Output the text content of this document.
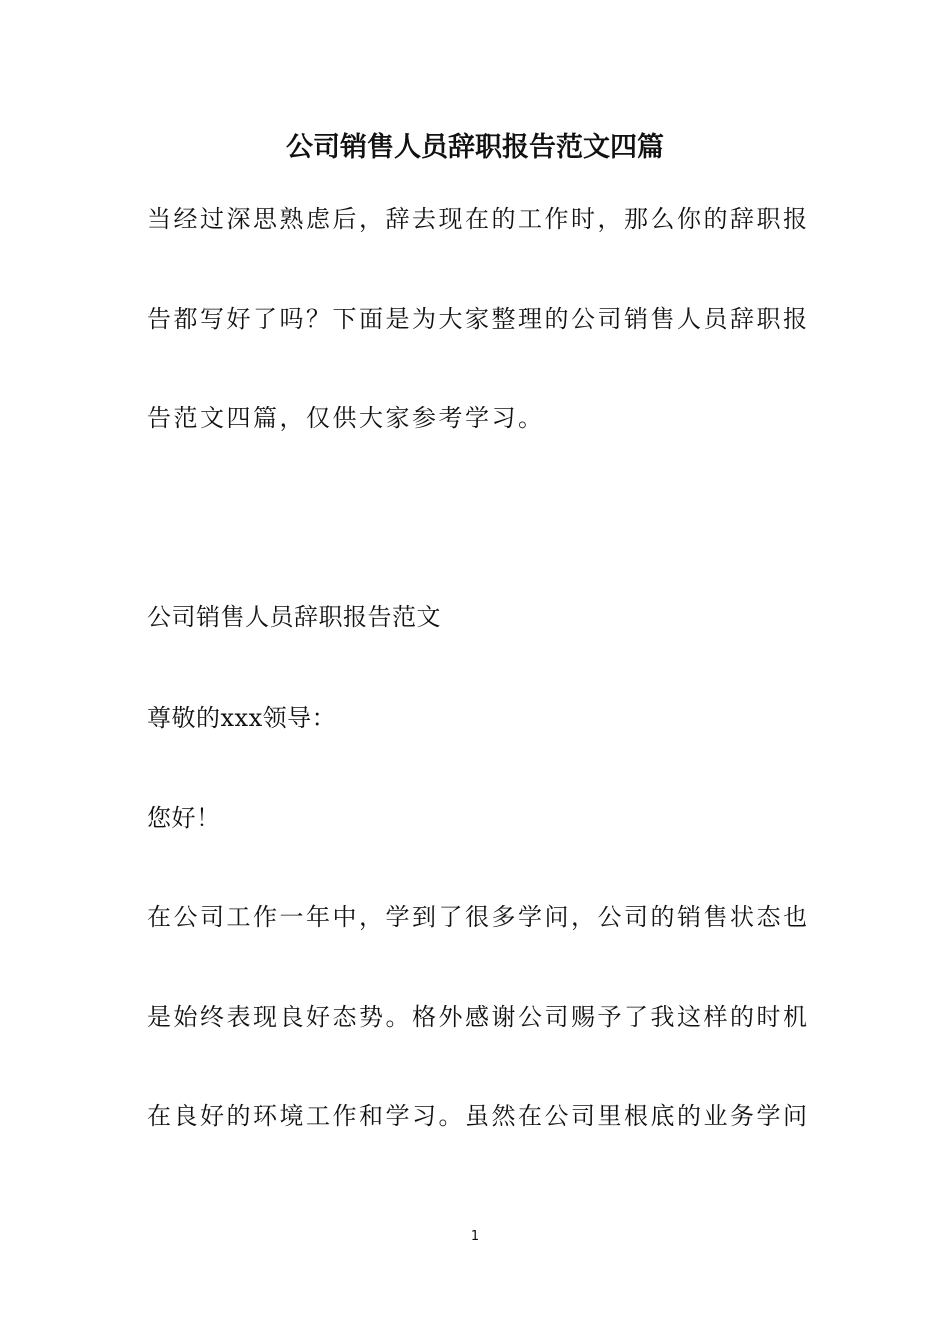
公司销售人员辞职报告范文四篇

当经过深思熟虑后，辞去现在的工作时，那么你的辞职报

告都写好了吗？下面是为大家整理的公司销售人员辞职报

告范文四篇，仅供大家参考学习。

公司销售人员辞职报告范文

尊敬的xxx领导：

您好！

在公司工作一年中，学到了很多学问，公司的销售状态也

是始终表现良好态势。格外感谢公司赐予了我这样的时机

在良好的环境工作和学习。虽然在公司里根底的业务学问

1
